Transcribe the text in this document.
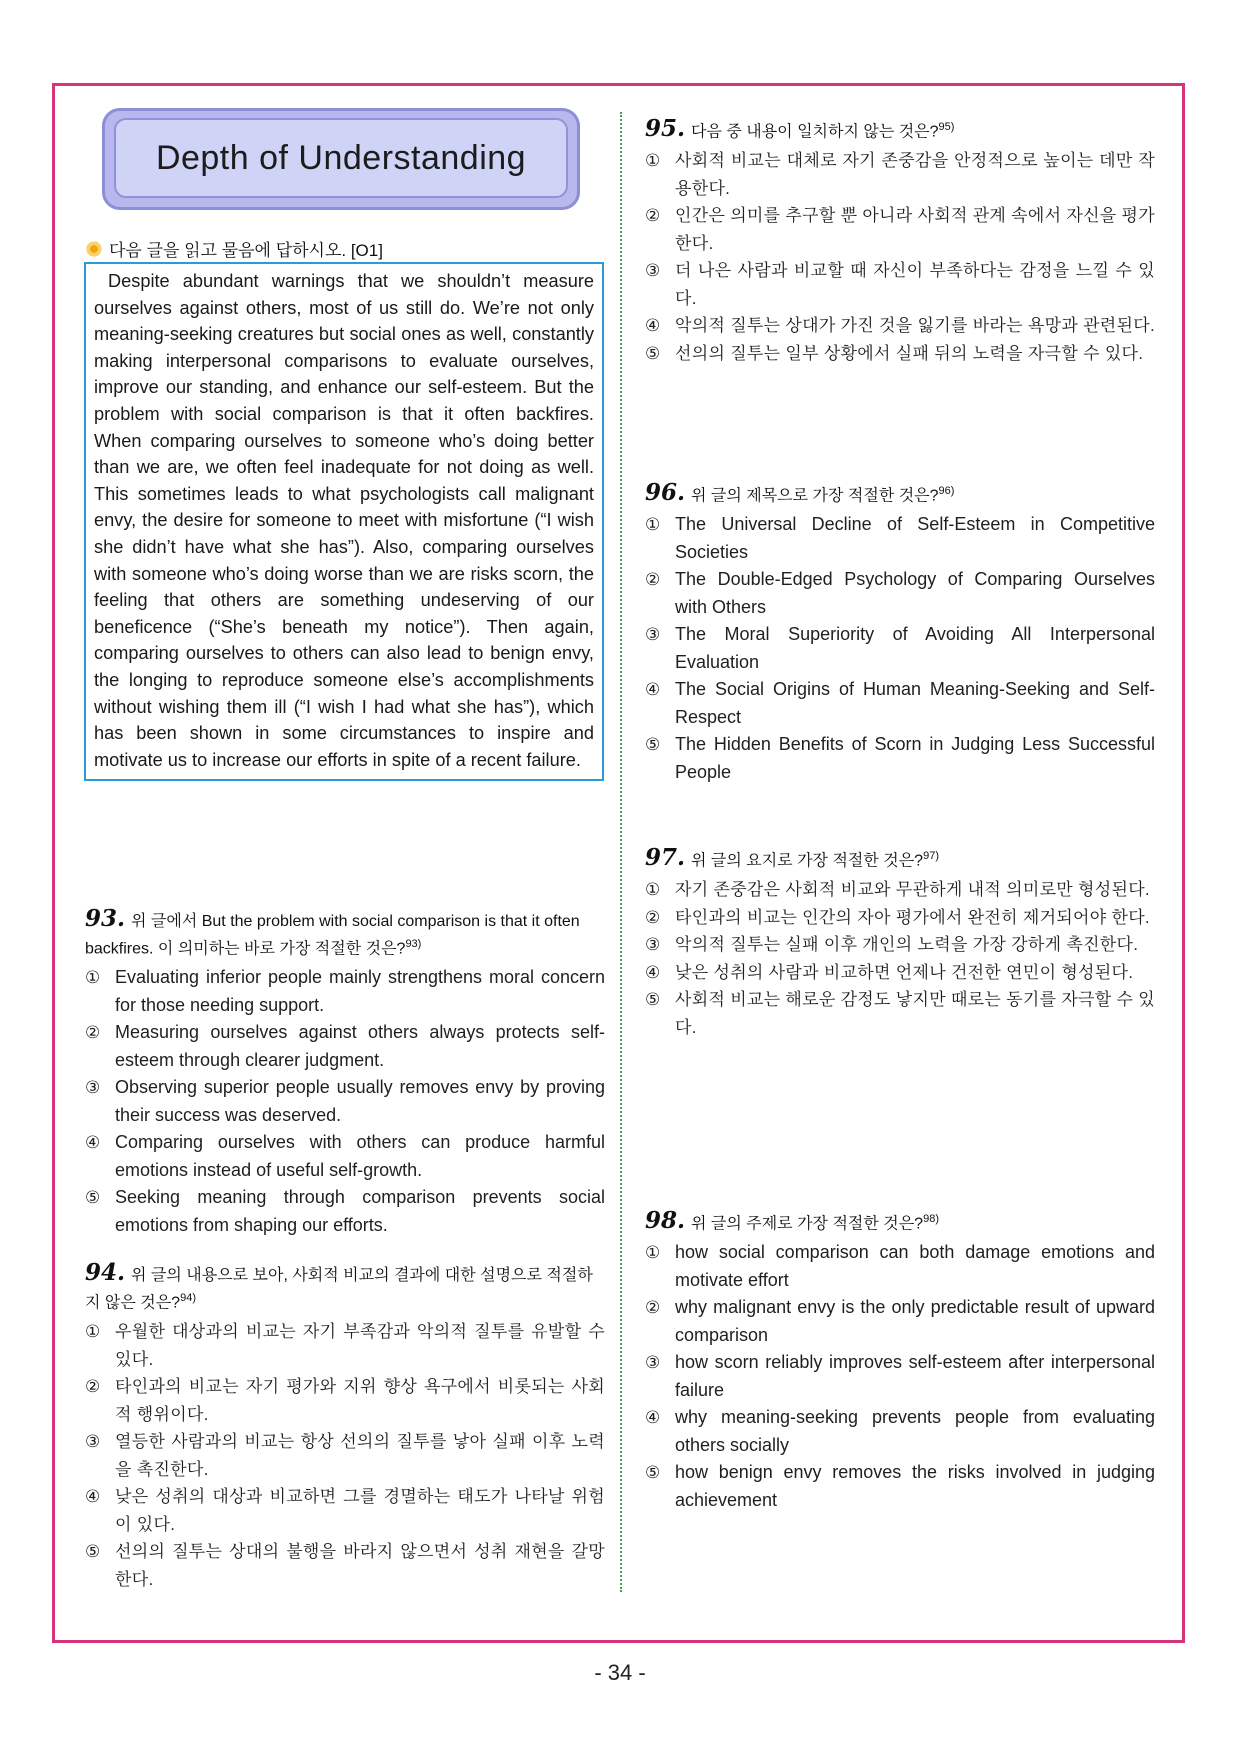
Depth of Understanding
다음 글을 읽고 물음에 답하시오. [O1]
Despite abundant warnings that we shouldn’t measure ourselves against others, most of us still do. We’re not only meaning-seeking creatures but social ones as well, constantly making interpersonal comparisons to evaluate ourselves, improve our standing, and enhance our self-esteem. But the problem with social comparison is that it often backfires. When comparing ourselves to someone who’s doing better than we are, we often feel inadequate for not doing as well. This sometimes leads to what psychologists call malignant envy, the desire for someone to meet with misfortune (“I wish she didn’t have what she has”). Also, comparing ourselves with someone who’s doing worse than we are risks scorn, the feeling that others are something undeserving of our beneficence (“She’s beneath my notice”). Then again, comparing ourselves to others can also lead to benign envy, the longing to reproduce someone else’s accomplishments without wishing them ill (“I wish I had what she has”), which has been shown in some circumstances to inspire and motivate us to increase our efforts in spite of a recent failure.
93. 위 글에서 But the problem with social comparison is that it often backfires. 이 의미하는 바로 가장 적절한 것은?$^{93)}$
① Evaluating inferior people mainly strengthens moral concern for those needing support.
② Measuring ourselves against others always protects self-esteem through clearer judgment.
③ Observing superior people usually removes envy by proving their success was deserved.
④ Comparing ourselves with others can produce harmful emotions instead of useful self-growth.
⑤ Seeking meaning through comparison prevents social emotions from shaping our efforts.
94. 위 글의 내용으로 보아, 사회적 비교의 결과에 대한 설명으로 적절하지 않은 것은?$^{94)}$
① 우월한 대상과의 비교는 자기 부족감과 악의적 질투를 유발할 수 있다.
② 타인과의 비교는 자기 평가와 지위 향상 욕구에서 비롯되는 사회적 행위이다.
③ 열등한 사람과의 비교는 항상 선의의 질투를 낳아 실패 이후 노력을 촉진한다.
④ 낮은 성취의 대상과 비교하면 그를 경멸하는 태도가 나타날 위험이 있다.
⑤ 선의의 질투는 상대의 불행을 바라지 않으면서 성취 재현을 갈망한다.
95. 다음 중 내용이 일치하지 않는 것은?$^{95)}$
① 사회적 비교는 대체로 자기 존중감을 안정적으로 높이는 데만 작용한다.
② 인간은 의미를 추구할 뿐 아니라 사회적 관계 속에서 자신을 평가한다.
③ 더 나은 사람과 비교할 때 자신이 부족하다는 감정을 느낄 수 있다.
④ 악의적 질투는 상대가 가진 것을 잃기를 바라는 욕망과 관련된다.
⑤ 선의의 질투는 일부 상황에서 실패 뒤의 노력을 자극할 수 있다.
96. 위 글의 제목으로 가장 적절한 것은?$^{96)}$
① The Universal Decline of Self-Esteem in Competitive Societies
② The Double-Edged Psychology of Comparing Ourselves with Others
③ The Moral Superiority of Avoiding All Interpersonal Evaluation
④ The Social Origins of Human Meaning-Seeking and Self-Respect
⑤ The Hidden Benefits of Scorn in Judging Less Successful People
97. 위 글의 요지로 가장 적절한 것은?$^{97)}$
① 자기 존중감은 사회적 비교와 무관하게 내적 의미로만 형성된다.
② 타인과의 비교는 인간의 자아 평가에서 완전히 제거되어야 한다.
③ 악의적 질투는 실패 이후 개인의 노력을 가장 강하게 촉진한다.
④ 낮은 성취의 사람과 비교하면 언제나 건전한 연민이 형성된다.
⑤ 사회적 비교는 해로운 감정도 낳지만 때로는 동기를 자극할 수 있다.
98. 위 글의 주제로 가장 적절한 것은?$^{98)}$
① how social comparison can both damage emotions and motivate effort
② why malignant envy is the only predictable result of upward comparison
③ how scorn reliably improves self-esteem after interpersonal failure
④ why meaning-seeking prevents people from evaluating others socially
⑤ how benign envy removes the risks involved in judging achievement
- 34 -
